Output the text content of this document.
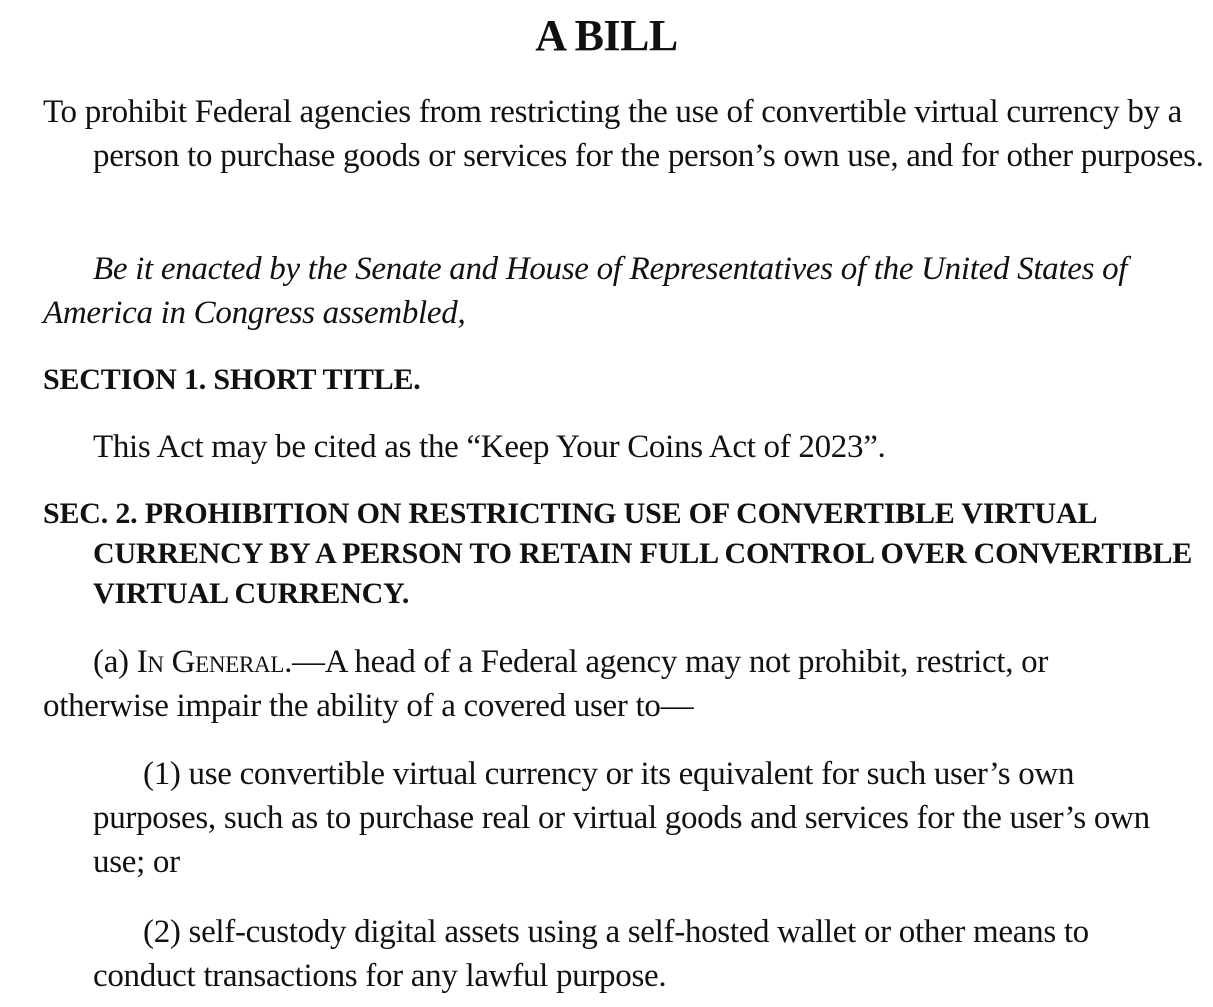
A BILL

To prohibit Federal agencies from restricting the use of convertible virtual currency by a person to purchase goods or services for the person’s own use, and for other purposes.

Be it enacted by the Senate and House of Representatives of the United States of America in Congress assembled,

SECTION 1. SHORT TITLE.

This Act may be cited as the “Keep Your Coins Act of 2023”.

SEC. 2. PROHIBITION ON RESTRICTING USE OF CONVERTIBLE VIRTUAL CURRENCY BY A PERSON TO RETAIN FULL CONTROL OVER CONVERTIBLE VIRTUAL CURRENCY.

(a) In General.—A head of a Federal agency may not prohibit, restrict, or otherwise impair the ability of a covered user to—

(1) use convertible virtual currency or its equivalent for such user’s own purposes, such as to purchase real or virtual goods and services for the user’s own use; or

(2) self-custody digital assets using a self-hosted wallet or other means to conduct transactions for any lawful purpose.
